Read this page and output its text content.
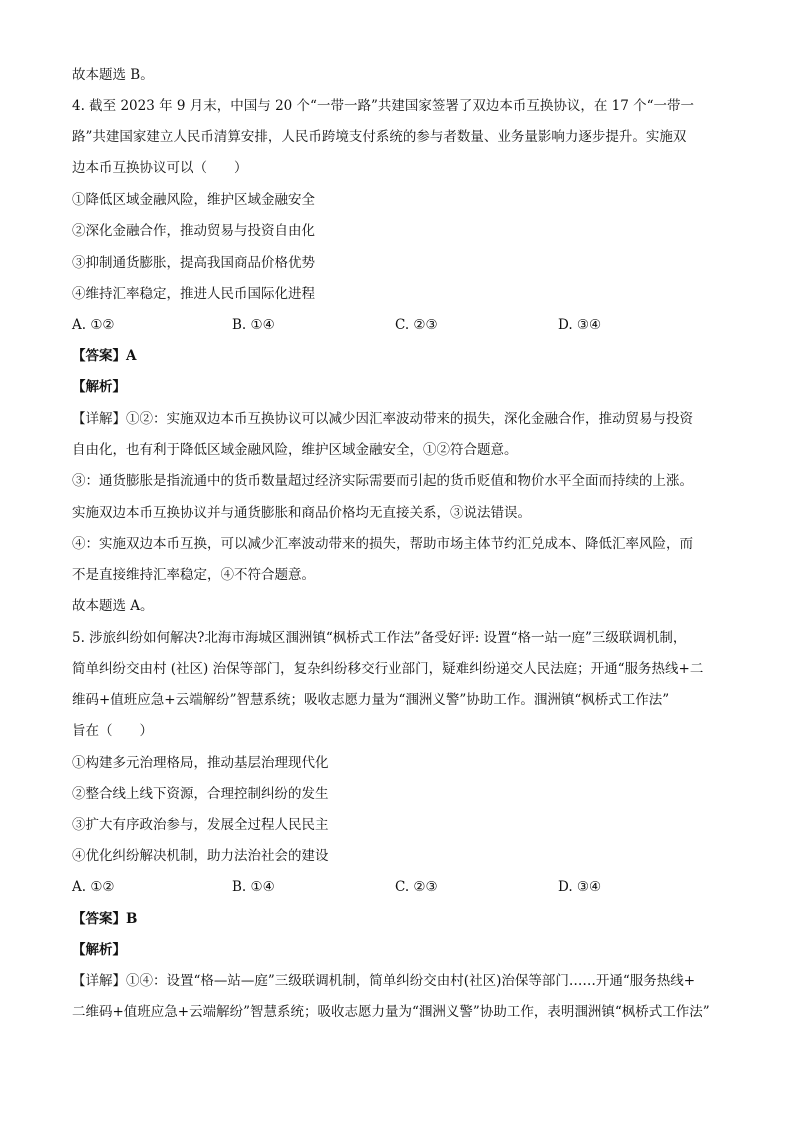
故本题选 B。
4. 截至 2023 年 9 月末，中国与 20 个“一带一路”共建国家签署了双边本币互换协议，在 17 个“一带一
路”共建国家建立人民币清算安排，人民币跨境支付系统的参与者数量、业务量影响力逐步提升。实施双
边本币互换协议可以（　　）
①降低区域金融风险，维护区域金融安全
②深化金融合作，推动贸易与投资自由化
③抑制通货膨胀，提高我国商品价格优势
④维持汇率稳定，推进人民币国际化进程
A. ①②	B. ①④	C. ②③	D. ③④
【答案】A
【解析】
【详解】①②：实施双边本币互换协议可以减少因汇率波动带来的损失，深化金融合作，推动贸易与投资
自由化，也有利于降低区域金融风险，维护区域金融安全，①②符合题意。
③：通货膨胀是指流通中的货币数量超过经济实际需要而引起的货币贬值和物价水平全面而持续的上涨。
实施双边本币互换协议并与通货膨胀和商品价格均无直接关系，③说法错误。
④：实施双边本币互换，可以减少汇率波动带来的损失，帮助市场主体节约汇兑成本、降低汇率风险，而
不是直接维持汇率稳定，④不符合题意。
故本题选 A。
5. 涉旅纠纷如何解决?北海市海城区涠洲镇“枫桥式工作法”备受好评: 设置“格一站一庭”三级联调机制，
简单纠纷交由村 (社区) 治保等部门，复杂纠纷移交行业部门，疑难纠纷递交人民法庭；开通“服务热线+二
维码+值班应急+云端解纷”智慧系统；吸收志愿力量为“涠洲义警”协助工作。涠洲镇“枫桥式工作法”
旨在（　　）
①构建多元治理格局，推动基层治理现代化
②整合线上线下资源，合理控制纠纷的发生
③扩大有序政治参与，发展全过程人民民主
④优化纠纷解决机制，助力法治社会的建设
A. ①②	B. ①④	C. ②③	D. ③④
【答案】B
【解析】
【详解】①④：设置“格—站—庭”三级联调机制，简单纠纷交由村(社区)治保等部门……开通“服务热线+
二维码+值班应急+云端解纷”智慧系统；吸收志愿力量为“涠洲义警”协助工作，表明涠洲镇“枫桥式工作法”
